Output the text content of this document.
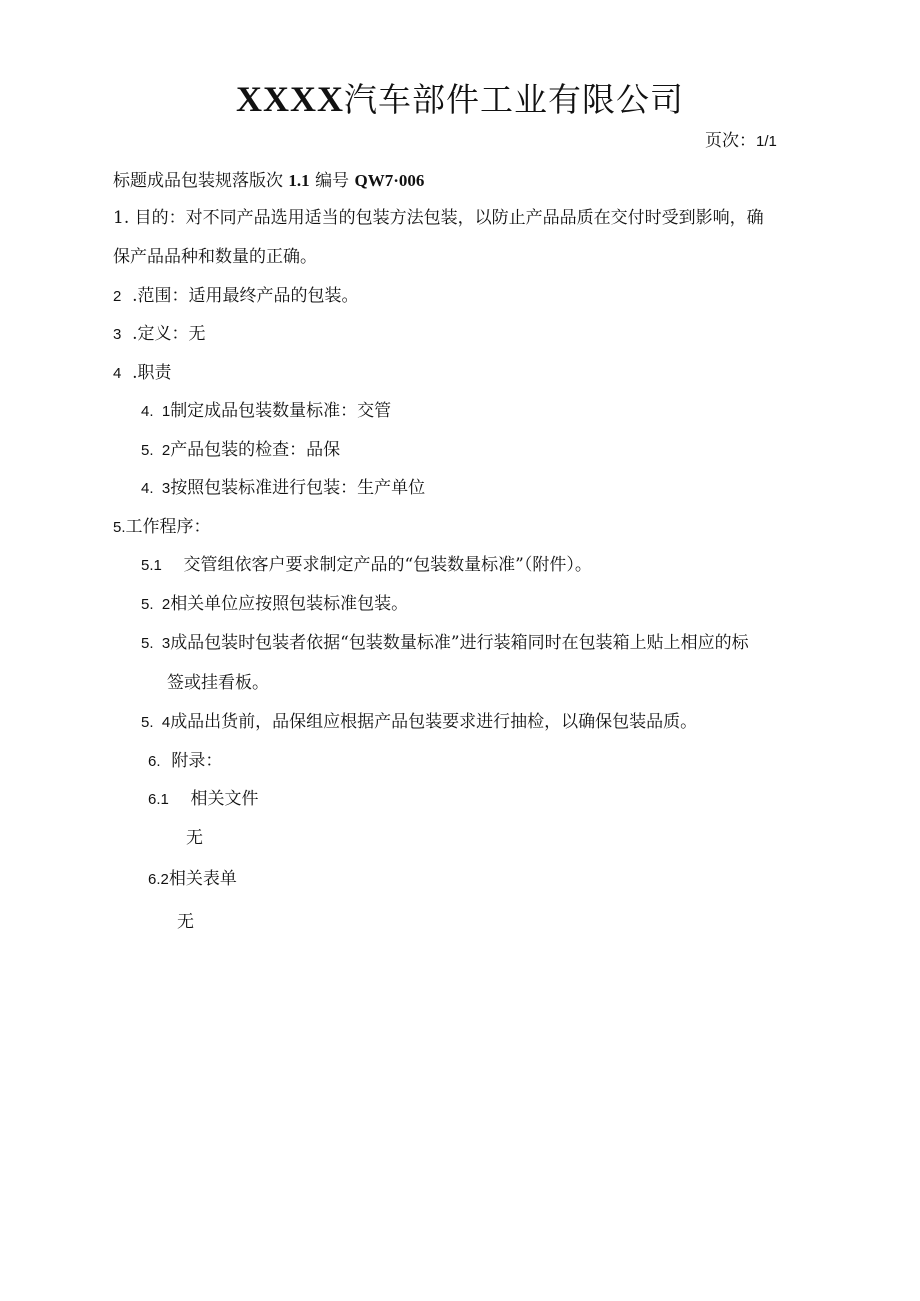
XXXX汽车部件工业有限公司
页次：1/1
标题成品包装规落版次 1.1 编号 QW7·006
1. 目的：对不同产品选用适当的包装方法包装，以防止产品品质在交付时受到影响，确
保产品品种和数量的正确。
2 .范围：适用最终产品的包装。
3 .定义：无
4 .职责
4.  1制定成品包装数量标准：交管
5.  2产品包装的检查：品保
4.  3按照包装标准进行包装：生产单位
5.工作程序：
5.1 交管组依客户要求制定产品的“包装数量标准”（附件）。
5.  2相关单位应按照包装标准包装。
5.  3成品包装时包装者依据“包装数量标准”进行装箱同时在包装箱上贴上相应的标
签或挂看板。
5.  4成品出货前，品保组应根据产品包装要求进行抽检，以确保包装品质。
6. 附录：
6.1 相关文件
无
6.2相关表单
无
